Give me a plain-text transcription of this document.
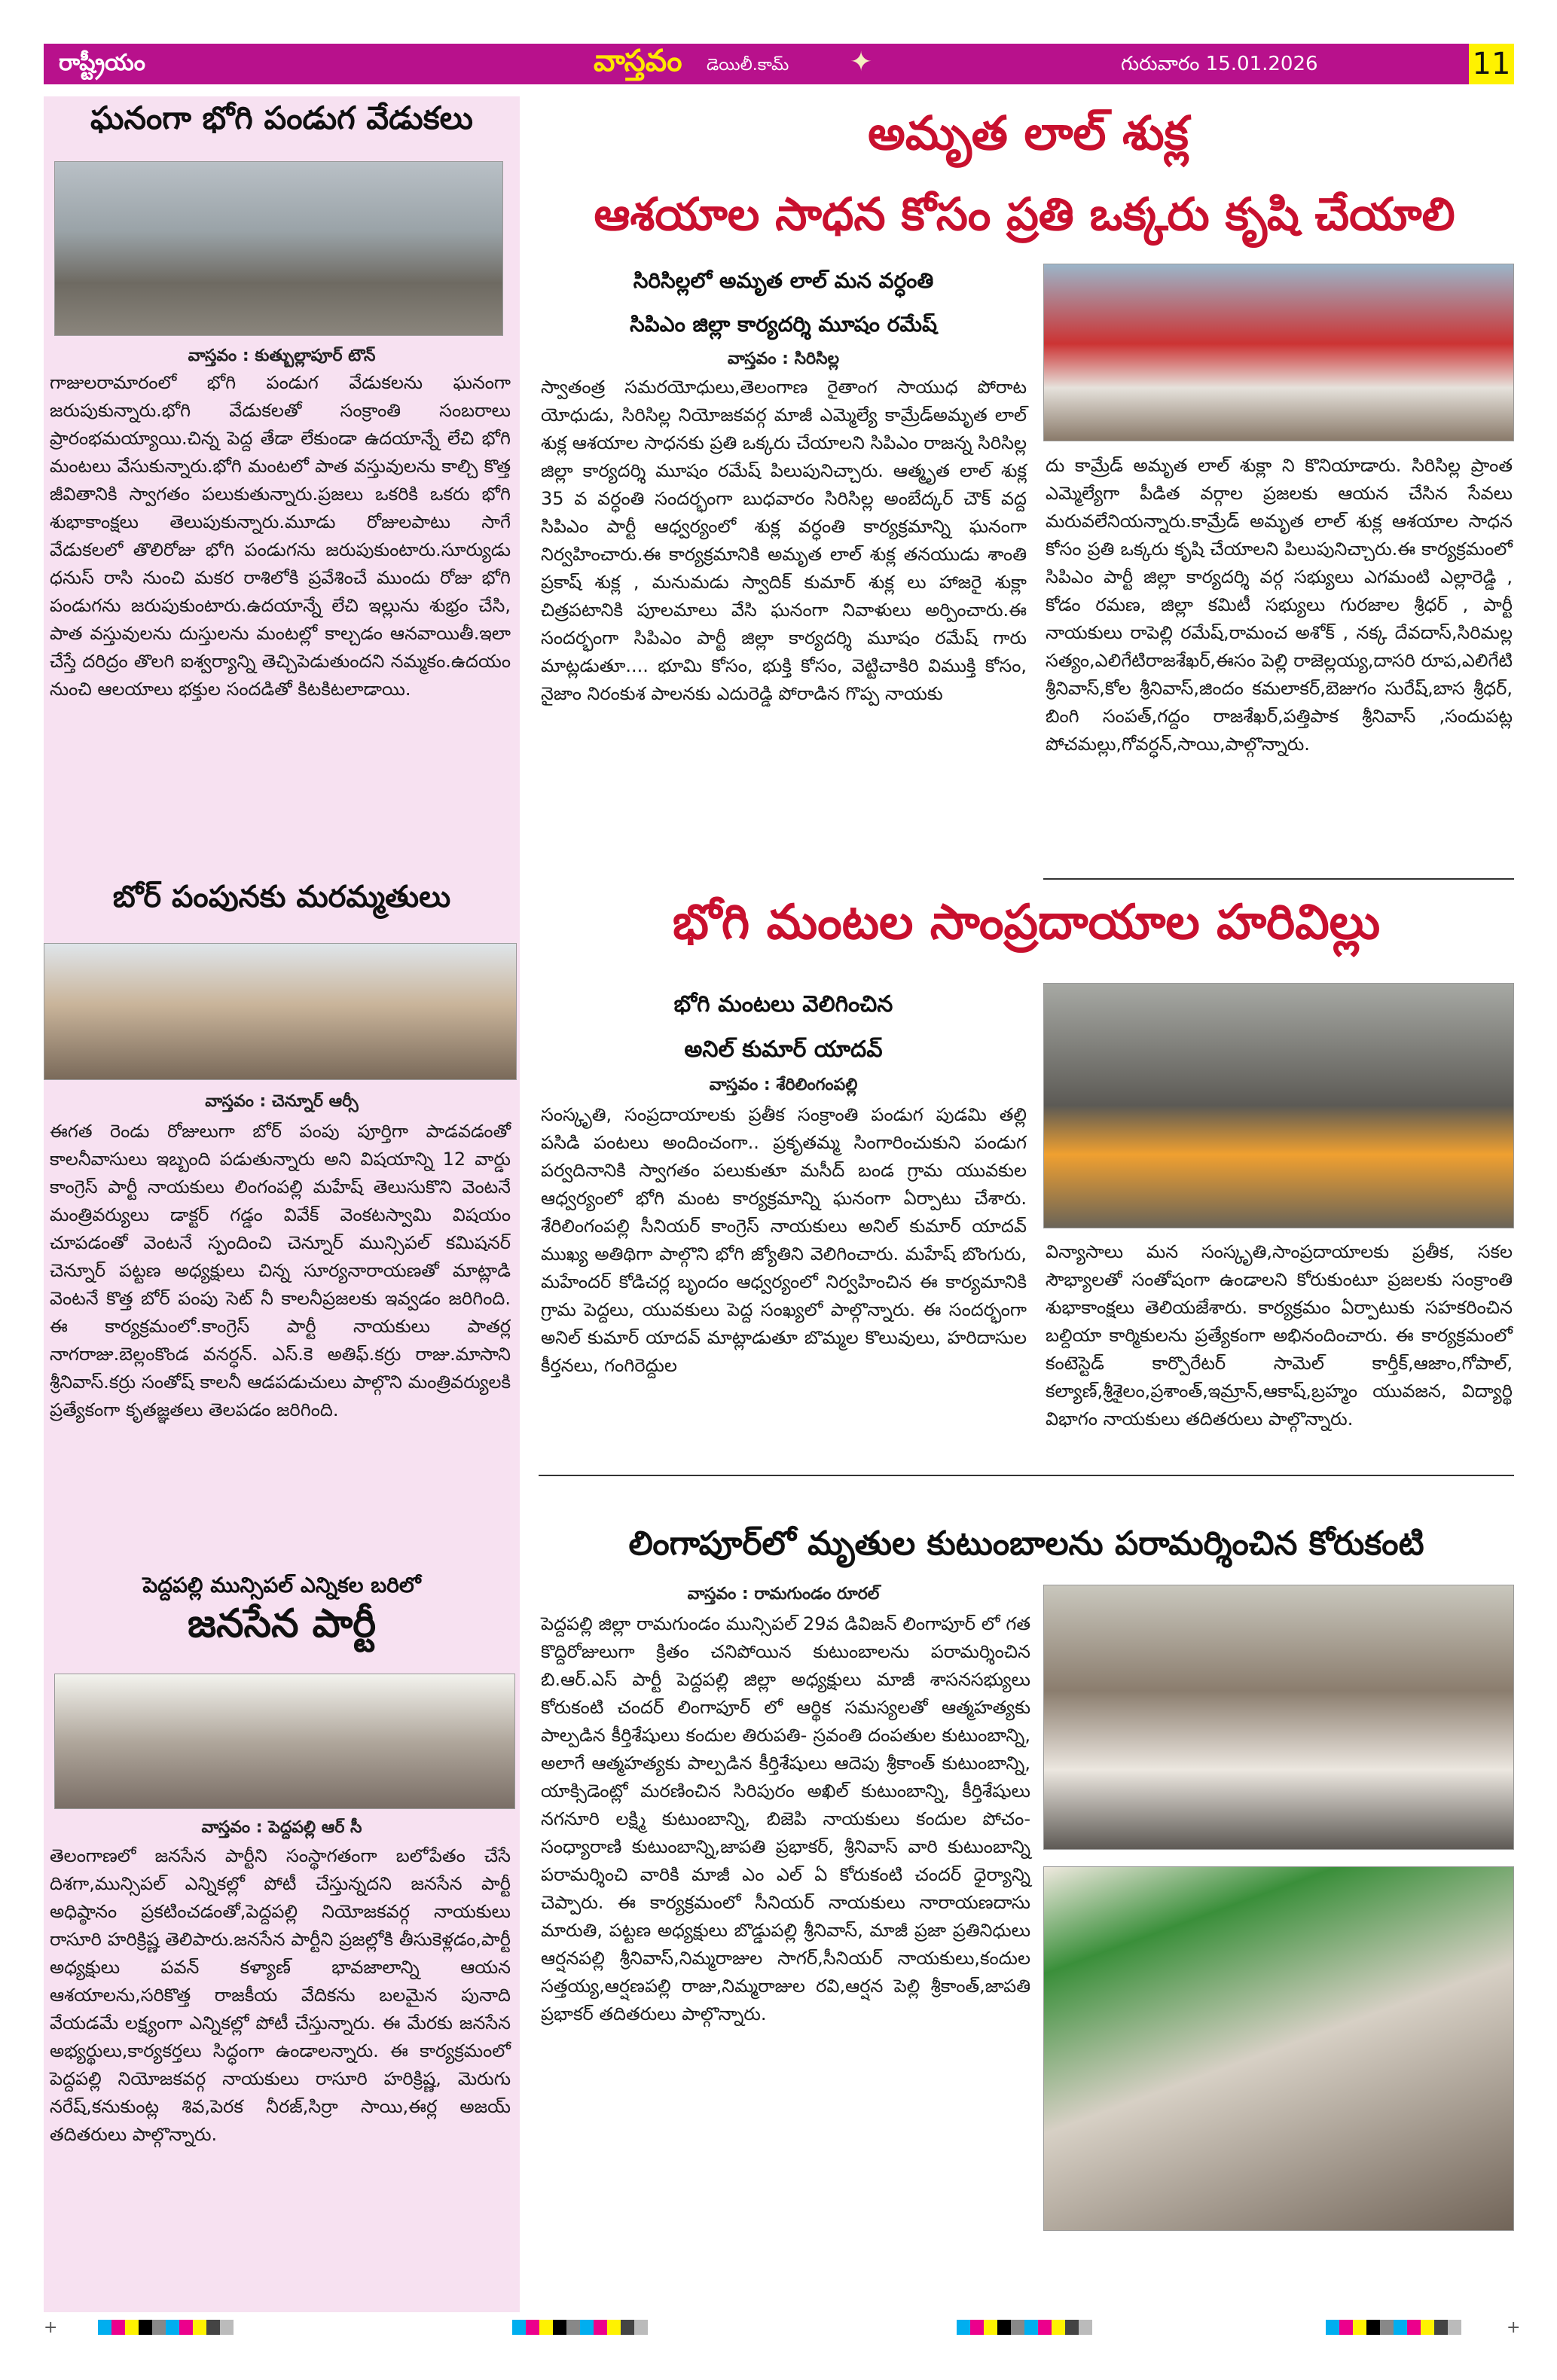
రాష్ట్రీయం	వాస్తవం డెయిలీ.కామ్ ✦	గురువారం 15.01.2026	11
ఘనంగా భోగి పండుగ వేడుకలు
వాస్తవం : కుత్బుల్లాపూర్ టౌన్
గాజులరామారంలో భోగి పండుగ వేడుకలను ఘనంగా జరుపుకున్నారు.భోగి వేడుకలతో సంక్రాంతి సంబరాలు ప్రారంభమయ్యాయి.చిన్న పెద్ద తేడా లేకుండా ఉదయాన్నే లేచి భోగి మంటలు వేసుకున్నారు.భోగి మంటలో పాత వస్తువులను కాల్చి కొత్త జీవితానికి స్వాగతం పలుకుతున్నారు.ప్రజలు ఒకరికి ఒకరు భోగి శుభాకాంక్షలు తెలుపుకున్నారు.మూడు రోజులపాటు సాగే వేడుకలలో తొలిరోజు భోగి పండుగను జరుపుకుంటారు.సూర్యుడు ధనుస్ రాసి నుంచి మకర రాశిలోకి ప్రవేశించే ముందు రోజు భోగి పండుగను జరుపుకుంటారు.ఉదయాన్నే లేచి ఇల్లును శుభ్రం చేసి, పాత వస్తువులను దుస్తులను మంటల్లో కాల్చడం ఆనవాయితీ.ఇలా చేస్తే దరిద్రం తొలగి ఐశ్వర్యాన్ని తెచ్చిపెడుతుందని నమ్మకం.ఉదయం నుంచి ఆలయాలు భక్తుల సందడితో కిటకిటలాడాయి.
బోర్ పంపునకు మరమ్మతులు
వాస్తవం : చెన్నూర్ ఆర్సీ
ఈగత రెండు రోజులుగా బోర్ పంపు పూర్తిగా పాడవడంతో కాలనీవాసులు ఇబ్బంది పడుతున్నారు అని విషయాన్ని 12 వార్డు కాంగ్రెస్ పార్టీ నాయకులు లింగంపల్లి మహేష్ తెలుసుకొని వెంటనే మంత్రివర్యులు డాక్టర్ గడ్డం వివేక్ వెంకటస్వామి విషయం చూపడంతో వెంటనే స్పందించి చెన్నూర్ మున్సిపల్ కమిషనర్ చెన్నూర్ పట్టణ అధ్యక్షులు చిన్న సూర్యనారాయణతో మాట్లాడి వెంటనే కొత్త బోర్ పంపు సెట్ నీ కాలనీప్రజలకు ఇవ్వడం జరిగింది. ఈ కార్యక్రమంలో.కాంగ్రెస్ పార్టీ నాయకులు పాతర్ల నాగరాజు.బెల్లంకొండ వనర్ధన్. ఎస్.కె అతిఫ్.కర్రు రాజు.మాసాని శ్రీనివాస్.కర్రు సంతోష్ కాలనీ ఆడపడుచులు పాల్గొని మంత్రివర్యులకి ప్రత్యేకంగా కృతజ్ఞతలు తెలపడం జరిగింది.
పెద్దపల్లి మున్సిపల్ ఎన్నికల బరిలో
జనసేన పార్టీ
వాస్తవం : పెద్దపల్లి ఆర్ సీ
తెలంగాణలో జనసేన పార్టీని సంస్థాగతంగా బలోపేతం చేసే దిశగా,మున్సిపల్ ఎన్నికల్లో పోటీ చేస్తున్నదని జనసేన పార్టీ అధిష్ఠానం ప్రకటించడంతో,పెద్దపల్లి నియోజకవర్గ నాయకులు రాసూరి హరిక్రిష్ణ తెలిపారు.జనసేన పార్టీని ప్రజల్లోకి తీసుకెళ్లడం,పార్టీ అధ్యక్షులు పవన్ కళ్యాణ్ భావజాలాన్ని ఆయన ఆశయాలను,సరికొత్త రాజకీయ వేదికను బలమైన పునాది వేయడమే లక్ష్యంగా ఎన్నికల్లో పోటీ చేస్తున్నారు. ఈ మేరకు జనసేన అభ్యర్థులు,కార్యకర్తలు సిద్ధంగా ఉండాలన్నారు. ఈ కార్యక్రమంలో పెద్దపల్లి నియోజకవర్గ నాయకులు రాసూరి హరిక్రిష్ణ, మెరుగు నరేష్,కనుకుంట్ల శివ,పెరక నీరజ్,సిర్రా సాయి,ఈర్ల అజయ్ తదితరులు పాల్గొన్నారు.
అమృత లాల్ శుక్ల
ఆశయాల సాధన కోసం ప్రతి ఒక్కరు కృషి చేయాలి
సిరిసిల్లలో అమృత లాల్ మన వర్ధంతి
సిపిఎం జిల్లా కార్యదర్శి మూషం రమేష్
వాస్తవం : సిరిసిల్ల
స్వాతంత్ర సమరయోధులు,తెలంగాణ రైతాంగ సాయుధ పోరాట యోధుడు, సిరిసిల్ల నియోజకవర్గ మాజీ ఎమ్మెల్యే కామ్రేడ్అమృత లాల్ శుక్ల ఆశయాల సాధనకు ప్రతి ఒక్కరు చేయాలని సిపిఎం రాజన్న సిరిసిల్ల జిల్లా కార్యదర్శి మూషం రమేష్ పిలుపునిచ్చారు. ఆత్మృత లాల్ శుక్ల 35 వ వర్ధంతి సందర్భంగా బుధవారం సిరిసిల్ల అంబేద్కర్ చౌక్ వద్ద సిపిఎం పార్టీ ఆధ్వర్యంలో శుక్ల వర్ధంతి కార్యక్రమాన్ని ఘనంగా నిర్వహించారు.ఈ కార్యక్రమానికి అమృత లాల్ శుక్ల తనయుడు శాంతి ప్రకాష్ శుక్ల , మనుమడు స్వాదిక్ కుమార్ శుక్ల లు హాజరై శుక్లా చిత్రపటానికి పూలమాలు వేసి ఘనంగా నివాళులు అర్పించారు.ఈ సందర్భంగా సిపిఎం పార్టీ జిల్లా కార్యదర్శి మూషం రమేష్ గారు మాట్లడుతూ.... భూమి కోసం, భుక్తి కోసం, వెట్టిచాకిరి విముక్తి కోసం, నైజాం నిరంకుశ పాలనకు ఎదురెడ్డి పోరాడిన గొప్ప నాయకు
దు కామ్రేడ్ అమృత లాల్ శుక్లా ని కొనియాడారు. సిరిసిల్ల ప్రాంత ఎమ్మెల్యేగా పీడిత వర్గాల ప్రజలకు ఆయన చేసిన సేవలు మరువలేనియన్నారు.కామ్రేడ్ అమృత లాల్ శుక్ల ఆశయాల సాధన కోసం ప్రతి ఒక్కరు కృషి చేయాలని పిలుపునిచ్చారు.ఈ కార్యక్రమంలో సిపిఎం పార్టీ జిల్లా కార్యదర్శి వర్గ సభ్యులు ఎగమంటి ఎల్లారెడ్డి , కోడం రమణ, జిల్లా కమిటీ సభ్యులు గురజాల శ్రీధర్ , పార్టీ నాయకులు రాపెల్లి రమేష్,రామంచ అశోక్ , నక్క దేవదాస్,సిరిమల్ల సత్యం,ఎలిగేటిరాజశేఖర్,ఈసం పెల్లి రాజెల్లయ్య,దాసరి రూప,ఎలిగేటి శ్రీనివాస్,కోల శ్రీనివాస్,జిందం కమలాకర్,బెజుగం సురేష్,బాస శ్రీధర్, బింగి సంపత్,గద్దం రాజశేఖర్,పత్తిపాక శ్రీనివాస్ ,సందుపట్ల పోచమల్లు,గోవర్ధన్,సాయి,పాల్గొన్నారు.
భోగి మంటల సాంప్రదాయాల హరివిల్లు
భోగి మంటలు వెలిగించిన
అనిల్ కుమార్ యాదవ్
వాస్తవం : శేరిలింగంపల్లి
సంస్కృతి, సంప్రదాయాలకు ప్రతీక సంక్రాంతి పండుగ పుడమి తల్లి పసిడి పంటలు అందించంగా.. ప్రకృతమ్మ సింగారించుకుని పండుగ పర్వదినానికి స్వాగతం పలుకుతూ మసీద్ బండ గ్రామ యువకుల ఆధ్వర్యంలో భోగి మంట కార్యక్రమాన్ని ఘనంగా ఏర్పాటు చేశారు. శేరిలింగంపల్లి సీనియర్ కాంగ్రెస్ నాయకులు అనిల్ కుమార్ యాదవ్ ముఖ్య అతిథిగా పాల్గొని భోగి జ్యోతిని వెలిగించారు. మహేష్ బొంగురు, మహేందర్ కోడిచర్ల బృందం ఆధ్వర్యంలో నిర్వహించిన ఈ కార్యమానికి గ్రామ పెద్దలు, యువకులు పెద్ద సంఖ్యలో పాల్గొన్నారు. ఈ సందర్భంగా అనిల్ కుమార్ యాదవ్ మాట్లాడుతూ బొమ్మల కొలువులు, హరిదాసుల కీర్తనలు, గంగిరెద్దుల
విన్యాసాలు మన సంస్కృతి,సాంప్రదాయాలకు ప్రతీక, సకల సౌభ్యాలతో సంతోషంగా ఉండాలని కోరుకుంటూ ప్రజలకు సంక్రాంతి శుభాకాంక్షలు తెలియజేశారు. కార్యక్రమం ఏర్పాటుకు సహకరించిన బల్దియా కార్మికులను ప్రత్యేకంగా అభినందించారు. ఈ కార్యక్రమంలో కంటెస్టెడ్ కార్పొరేటర్ సామెల్ కార్తీక్,ఆజాం,గోపాల్, కల్యాణ్,శ్రీశైలం,ప్రశాంత్,ఇమ్రాన్,ఆకాష్,బ్రహ్మం యువజన, విద్యార్థి విభాగం నాయకులు తదితరులు పాల్గొన్నారు.
లింగాపూర్‌లో మృతుల కుటుంబాలను పరామర్శించిన కోరుకంటి
వాస్తవం : రామగుండం రూరల్
పెద్దపల్లి జిల్లా రామగుండం మున్సిపల్ 29వ డివిజన్ లింగాపూర్ లో గత కొద్దిరోజులుగా క్రితం చనిపోయిన కుటుంబాలను పరామర్శించిన బి.ఆర్.ఎస్ పార్టీ పెద్దపల్లి జిల్లా అధ్యక్షులు మాజీ శాసనసభ్యులు కోరుకంటి చందర్ లింగాపూర్ లో ఆర్థిక సమస్యలతో ఆత్మహత్యకు పాల్పడిన కీర్తిశేషులు కందుల తిరుపతి- స్రవంతి దంపతుల కుటుంబాన్ని, అలాగే ఆత్మహత్యకు పాల్పడిన కీర్తిశేషులు ఆదెపు శ్రీకాంత్ కుటుంబాన్ని, యాక్సిడెంట్లో మరణించిన సిరిపురం అఖిల్ కుటుంబాన్ని, కీర్తిశేషులు నగనూరి లక్ష్మి కుటుంబాన్ని, బిజెపి నాయకులు కందుల పోచం- సంధ్యారాణి కుటుంబాన్ని,జాపతి ప్రభాకర్, శ్రీనివాస్ వారి కుటుంబాన్ని పరామర్శించి వారికి మాజీ ఎం ఎల్ ఏ కోరుకంటి చందర్ ధైర్యాన్ని చెప్పారు. ఈ కార్యక్రమంలో సీనియర్ నాయకులు నారాయణదాసు మారుతి, పట్టణ అధ్యక్షులు బొడ్డుపల్లి శ్రీనివాస్, మాజీ ప్రజా ప్రతినిధులు ఆర్షనపల్లి శ్రీనివాస్,నిమ్మరాజుల సాగర్,సీనియర్ నాయకులు,కందుల సత్తయ్య,ఆర్షణపల్లి రాజు,నిమ్మరాజుల రవి,ఆర్షన పెల్లి శ్రీకాంత్,జాపతి ప్రభాకర్ తదితరులు పాల్గొన్నారు.
+	+
